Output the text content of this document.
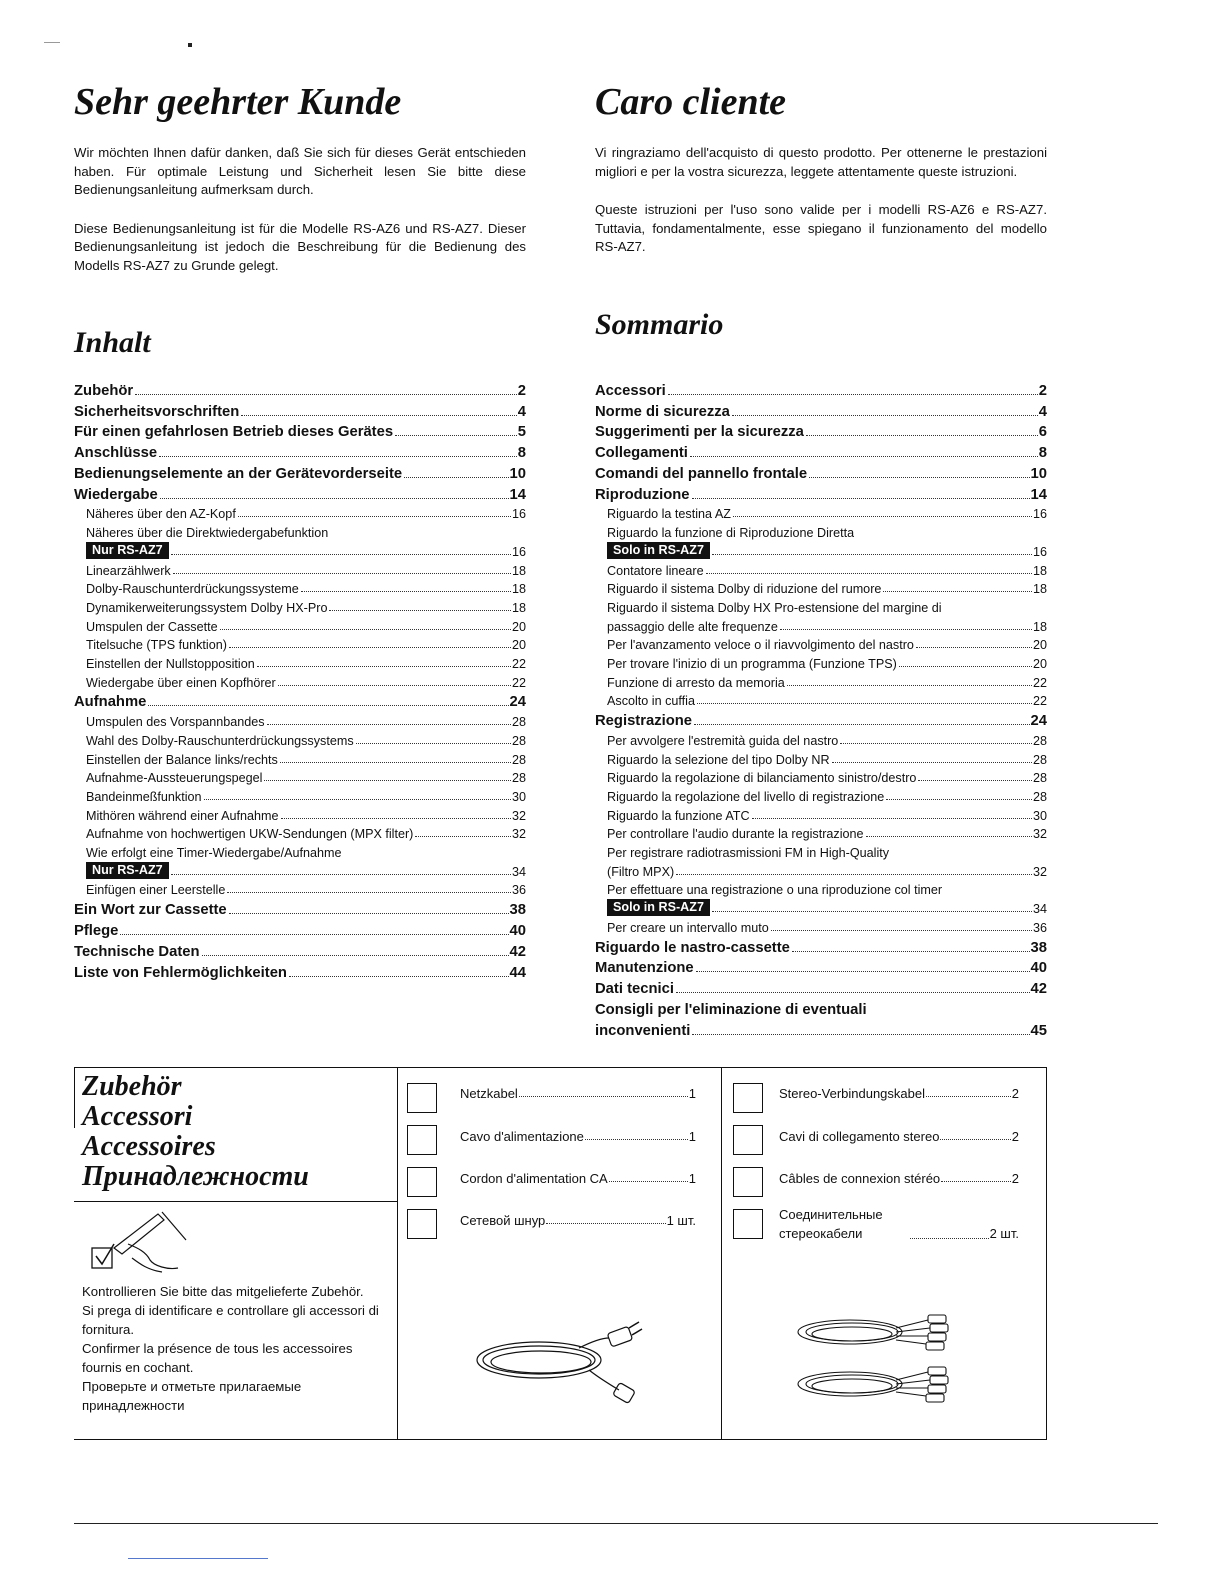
Sehr geehrter Kunde

Wir möchten Ihnen dafür danken, daß Sie sich für dieses Gerät entschieden haben. Für optimale Leistung und Sicherheit lesen Sie bitte diese Bedienungsanleitung aufmerksam durch.

Diese Bedienungsanleitung ist für die Modelle RS-AZ6 und RS-AZ7. Dieser Bedienungsanleitung ist jedoch die Beschreibung für die Bedienung des Modells RS-AZ7 zu Grunde gelegt.

Inhalt
Zubehör	2
Sicherheitsvorschriften	4
Für einen gefahrlosen Betrieb dieses Gerätes	5
Anschlüsse	8
Bedienungselemente an der Gerätevorderseite	10
Wiedergabe	14
Näheres über den AZ-Kopf	16
Näheres über die Direktwiedergabefunktion
Nur RS-AZ7	16
Linearzählwerk	18
Dolby-Rauschunterdrückungssysteme	18
Dynamikerweiterungssystem Dolby HX-Pro	18
Umspulen der Cassette	20
Titelsuche (TPS funktion)	20
Einstellen der Nullstopposition	22
Wiedergabe über einen Kopfhörer	22
Aufnahme	24
Umspulen des Vorspannbandes	28
Wahl des Dolby-Rauschunterdrückungssystems	28
Einstellen der Balance links/rechts	28
Aufnahme-Aussteuerungspegel	28
Bandeinmeßfunktion	30
Mithören während einer Aufnahme	32
Aufnahme von hochwertigen UKW-Sendungen (MPX filter)	32
Wie erfolgt eine Timer-Wiedergabe/Aufnahme
Nur RS-AZ7	34
Einfügen einer Leerstelle	36
Ein Wort zur Cassette	38
Pflege	40
Technische Daten	42
Liste von Fehlermöglichkeiten	44
Caro cliente

Vi ringraziamo dell'acquisto di questo prodotto. Per ottenerne le prestazioni migliori e per la vostra sicurezza, leggete attentamente queste istruzioni.

Queste istruzioni per l'uso sono valide per i modelli RS-AZ6 e RS-AZ7. Tuttavia, fondamentalmente, esse spiegano il funzionamento del modello RS-AZ7.

Sommario
Accessori	2
Norme di sicurezza	4
Suggerimenti per la sicurezza	6
Collegamenti	8
Comandi del pannello frontale	10
Riproduzione	14
Riguardo la testina AZ	16
Riguardo la funzione di Riproduzione Diretta
Solo in RS-AZ7	16
Contatore lineare	18
Riguardo il sistema Dolby di riduzione del rumore	18
Riguardo il sistema Dolby HX Pro-estensione del margine di
passaggio delle alte frequenze	18
Per l'avanzamento veloce o il riavvolgimento del nastro	20
Per trovare l'inizio di un programma (Funzione TPS)	20
Funzione di arresto da memoria	22
Ascolto in cuffia	22
Registrazione	24
Per avvolgere l'estremità guida del nastro	28
Riguardo la selezione del tipo Dolby NR	28
Riguardo la regolazione di bilanciamento sinistro/destro	28
Riguardo la regolazione del livello di registrazione	28
Riguardo la funzione ATC	30
Per controllare l'audio durante la registrazione	32
Per registrare radiotrasmissioni FM in High-Quality
(Filtro MPX)	32
Per effettuare una registrazione o una riproduzione col timer
Solo in RS-AZ7	34
Per creare un intervallo muto	36
Riguardo le nastro-cassette	38
Manutenzione	40
Dati tecnici	42
Consigli per l'eliminazione di eventuali
inconvenienti	45
Zubehör
Accessori
Accessoires
Принадлежности
Kontrollieren Sie bitte das mitgelieferte Zubehör.
Si prega di identificare e controllare gli accessori di fornitura.
Confirmer la présence de tous les accessoires fournis en cochant.
Проверьте и отметьте прилагаемые принадлежности
Netzkabel	1
Cavo d'alimentazione	1
Cordon d'alimentation CA	1
Сетевой шнур	1 шт.
Stereo-Verbindungskabel	2
Cavi di collegamento stereo	2
Câbles de connexion stéréo	2
Соединительные стереокабели	2 шт.
